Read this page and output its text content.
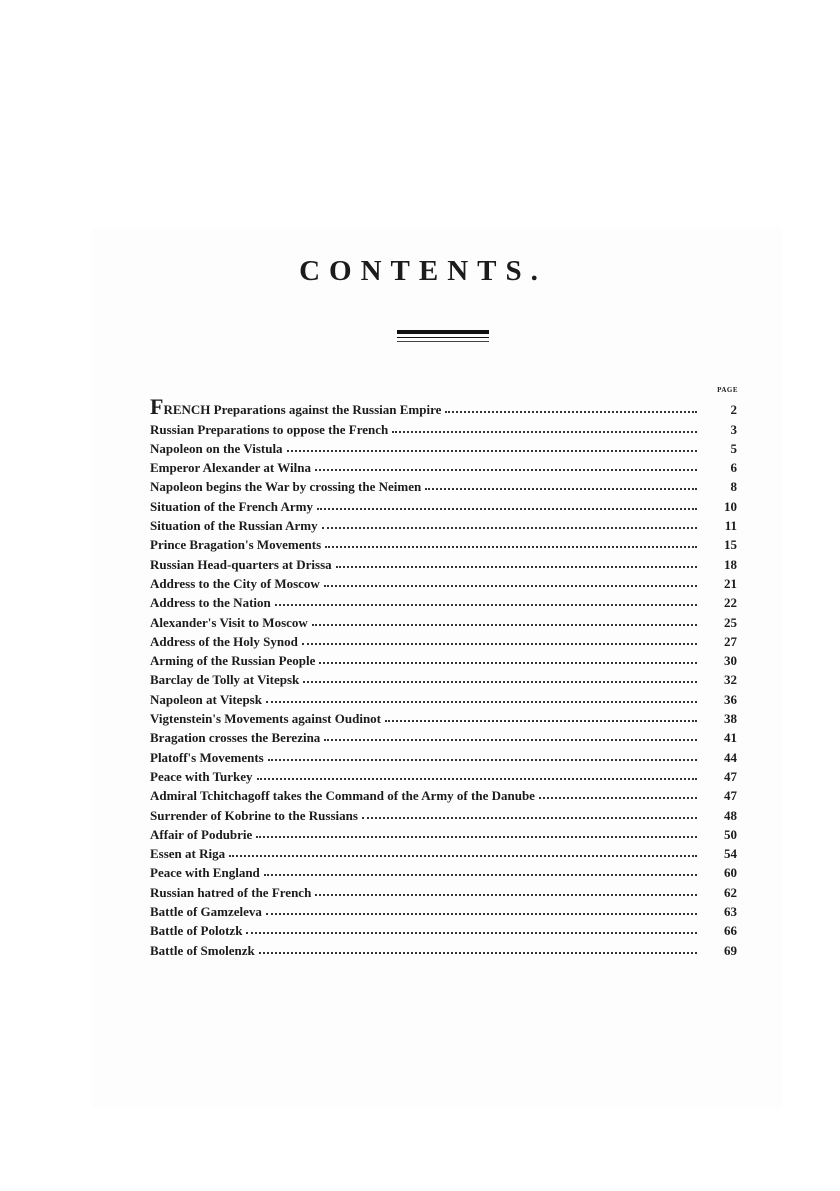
CONTENTS.
PAGE
FRENCH Preparations against the Russian Empire	2
Russian Preparations to oppose the French	3
Napoleon on the Vistula	5
Emperor Alexander at Wilna	6
Napoleon begins the War by crossing the Neimen	8
Situation of the French Army	10
Situation of the Russian Army	11
Prince Bragation's Movements	15
Russian Head-quarters at Drissa	18
Address to the City of Moscow	21
Address to the Nation	22
Alexander's Visit to Moscow	25
Address of the Holy Synod	27
Arming of the Russian People	30
Barclay de Tolly at Vitepsk	32
Napoleon at Vitepsk	36
Vigtenstein's Movements against Oudinot	38
Bragation crosses the Berezina	41
Platoff's Movements	44
Peace with Turkey	47
Admiral Tchitchagoff takes the Command of the Army of the Danube	47
Surrender of Kobrine to the Russians	48
Affair of Podubrie	50
Essen at Riga	54
Peace with England	60
Russian hatred of the French	62
Battle of Gamzeleva	63
Battle of Polotzk	66
Battle of Smolenzk	69
